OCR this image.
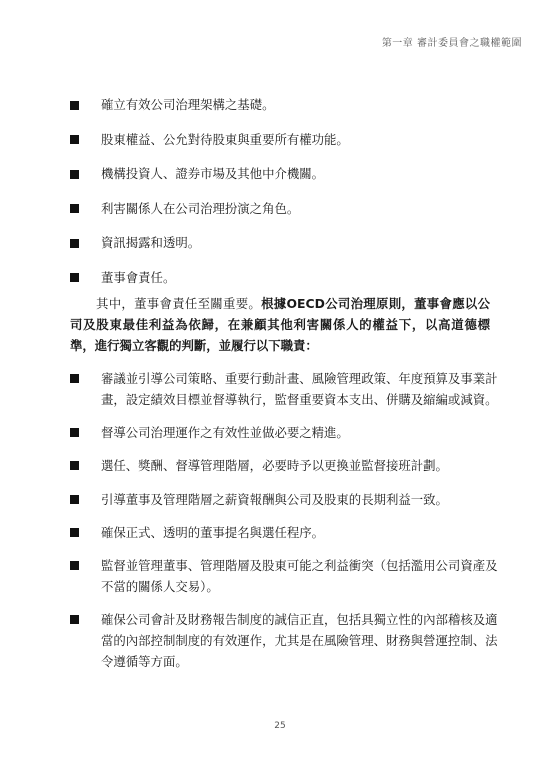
第一章 審計委員會之職權範圍
確立有效公司治理架構之基礎。
股東權益、公允對待股東與重要所有權功能。
機構投資人、證券市場及其他中介機關。
利害關係人在公司治理扮演之角色。
資訊揭露和透明。
董事會責任。

其中，董事會責任至關重要。根據OECD公司治理原則，董事會應以公司及股東最佳利益為依歸，在兼顧其他利害關係人的權益下，以高道德標準，進行獨立客觀的判斷，並履行以下職責：

審議並引導公司策略、重要行動計畫、風險管理政策、年度預算及事業計畫，設定績效目標並督導執行，監督重要資本支出、併購及縮編或減資。
督導公司治理運作之有效性並做必要之精進。
選任、獎酬、督導管理階層，必要時予以更換並監督接班計劃。
引導董事及管理階層之薪資報酬與公司及股東的長期利益一致。
確保正式、透明的董事提名與選任程序。
監督並管理董事、管理階層及股東可能之利益衝突（包括濫用公司資產及不當的關係人交易）。
確保公司會計及財務報告制度的誠信正直，包括具獨立性的內部稽核及適當的內部控制制度的有效運作，尤其是在風險管理、財務與營運控制、法令遵循等方面。
25
